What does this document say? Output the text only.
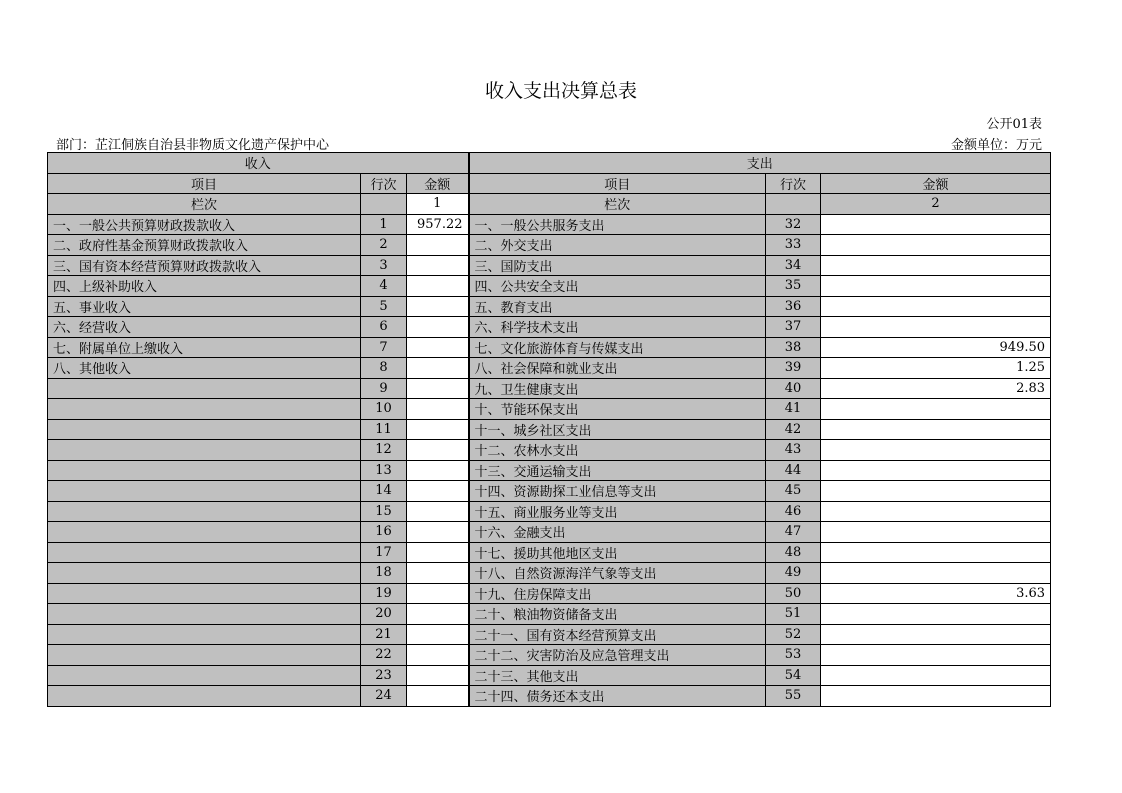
收入支出决算总表
公开01表
部门：芷江侗族自治县非物质文化遗产保护中心	金额单位：万元
收入			支出		
项目	行次	金额	项目	行次	金额
栏次		1	栏次		2
一、一般公共预算财政拨款收入	1	957.22	一、一般公共服务支出	32	
二、政府性基金预算财政拨款收入	2		二、外交支出	33	
三、国有资本经营预算财政拨款收入	3		三、国防支出	34	
四、上级补助收入	4		四、公共安全支出	35	
五、事业收入	5		五、教育支出	36	
六、经营收入	6		六、科学技术支出	37	
七、附属单位上缴收入	7		七、文化旅游体育与传媒支出	38	949.50
八、其他收入	8		八、社会保障和就业支出	39	1.25
	9		九、卫生健康支出	40	2.83
	10		十、节能环保支出	41	
	11		十一、城乡社区支出	42	
	12		十二、农林水支出	43	
	13		十三、交通运输支出	44	
	14		十四、资源勘探工业信息等支出	45	
	15		十五、商业服务业等支出	46	
	16		十六、金融支出	47	
	17		十七、援助其他地区支出	48	
	18		十八、自然资源海洋气象等支出	49	
	19		十九、住房保障支出	50	3.63
	20		二十、粮油物资储备支出	51	
	21		二十一、国有资本经营预算支出	52	
	22		二十二、灾害防治及应急管理支出	53	
	23		二十三、其他支出	54	
	24		二十四、债务还本支出	55	
